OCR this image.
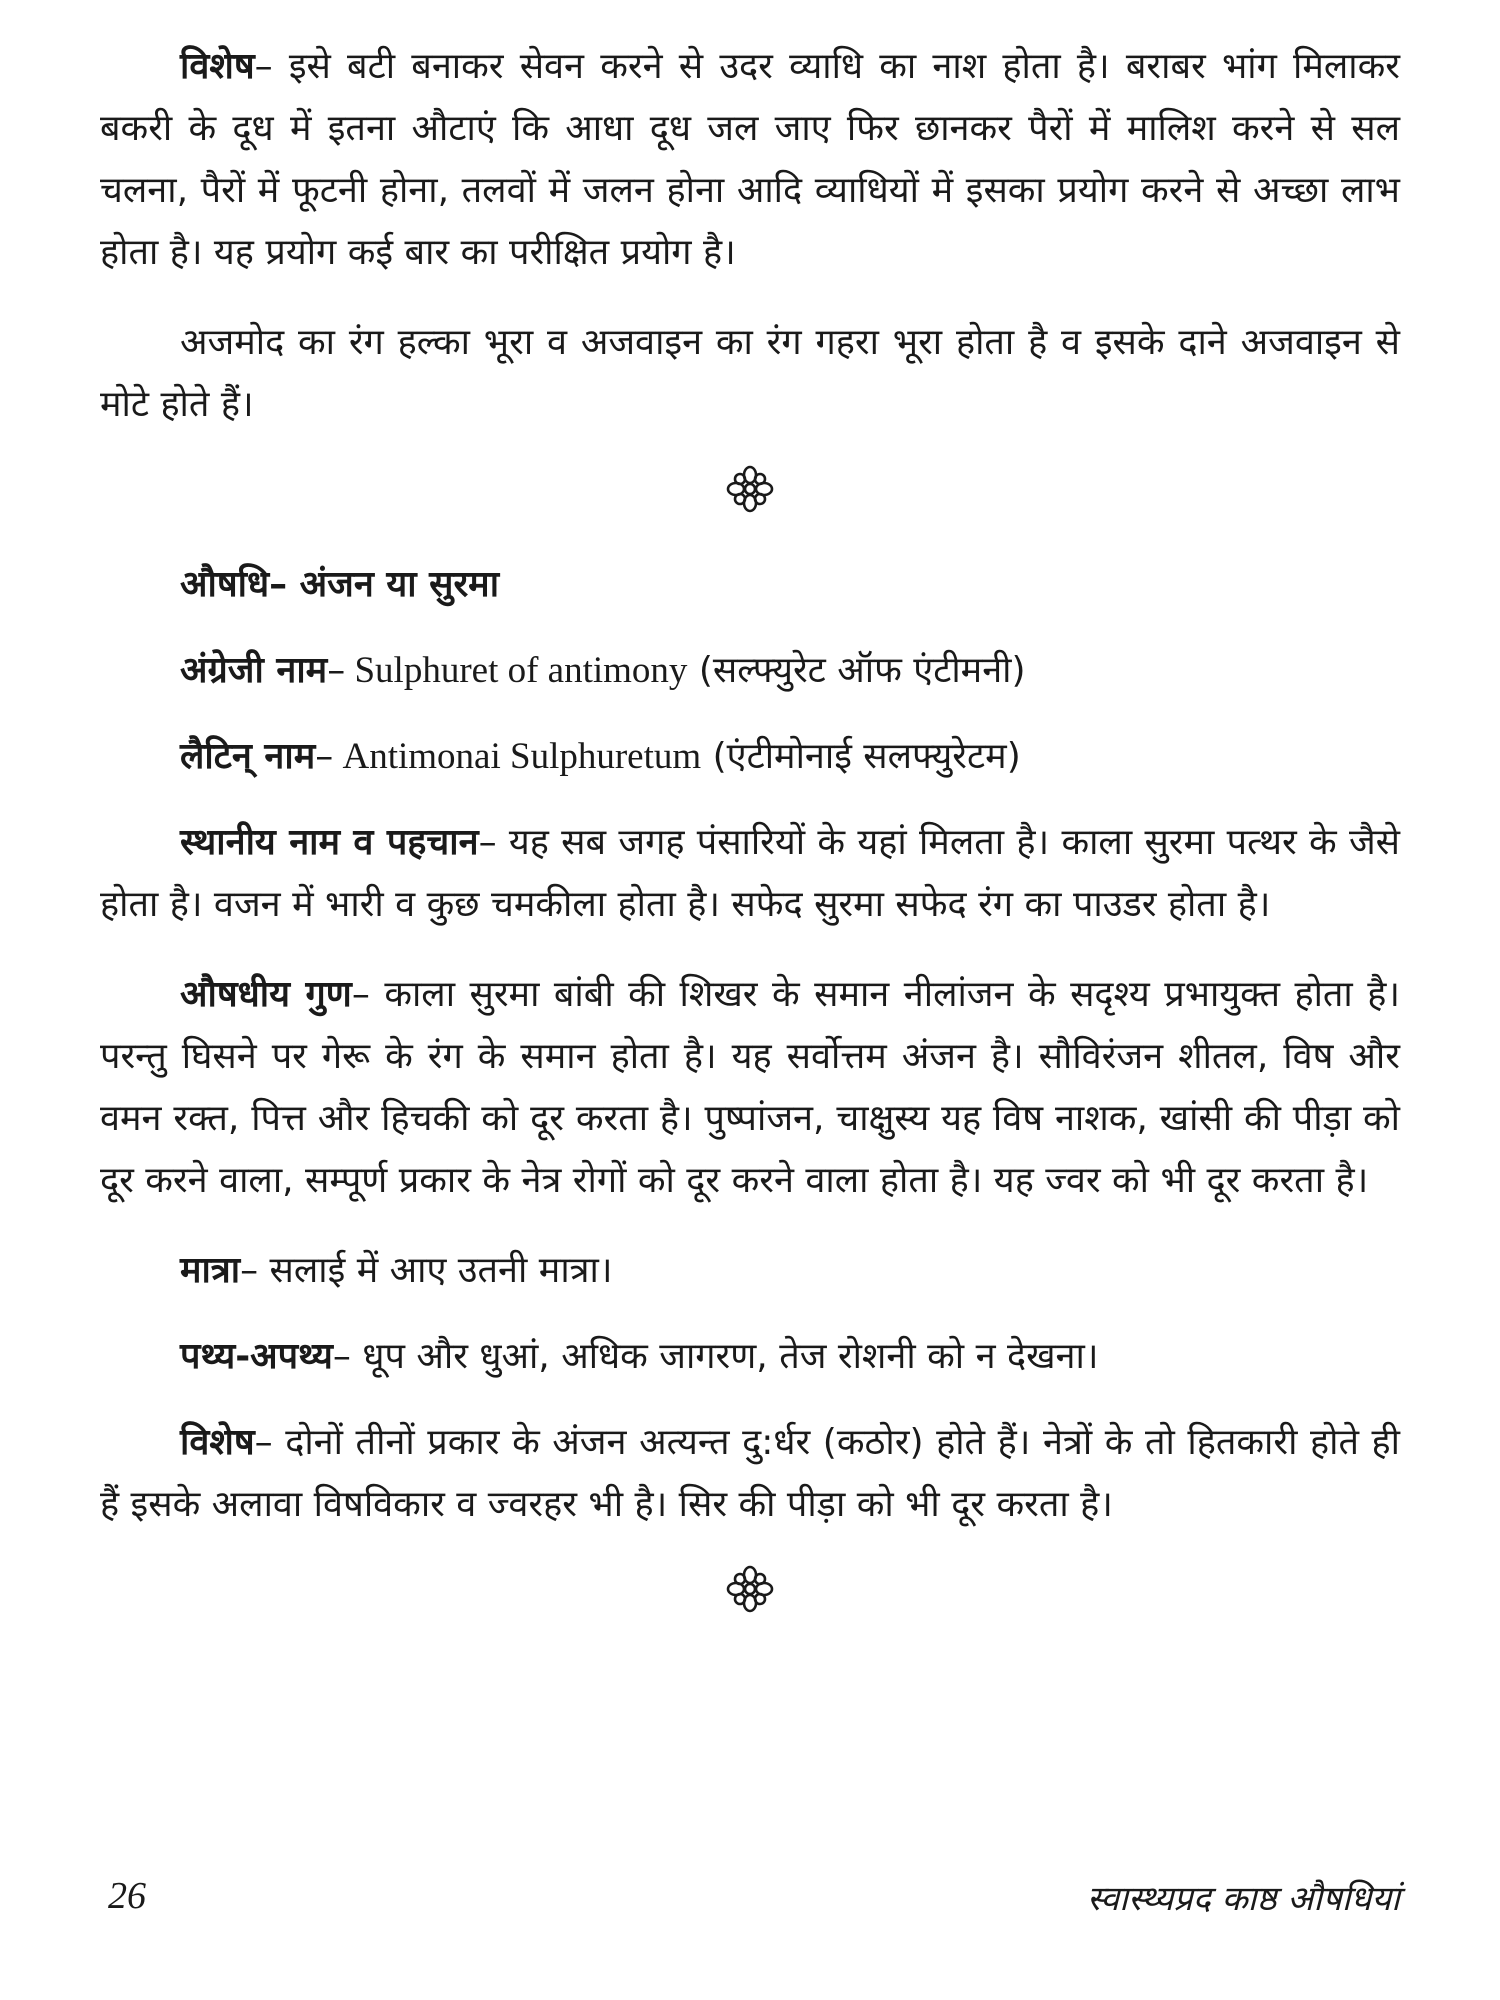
विशेष– इसे बटी बनाकर सेवन करने से उदर व्याधि का नाश होता है। बराबर भांग मिलाकर बकरी के दूध में इतना औटाएं कि आधा दूध जल जाए फिर छानकर पैरों में मालिश करने से सल चलना, पैरों में फूटनी होना, तलवों में जलन होना आदि व्याधियों में इसका प्रयोग करने से अच्छा लाभ होता है। यह प्रयोग कई बार का परीक्षित प्रयोग है।

अजमोद का रंग हल्का भूरा व अजवाइन का रंग गहरा भूरा होता है व इसके दाने अजवाइन से मोटे होते हैं।

औषधि– अंजन या सुरमा

अंग्रेजी नाम– Sulphuret of antimony (सल्फ्युरेट ऑफ एंटीमनी)

लैटिन् नाम– Antimonai Sulphuretum (एंटीमोनाई सलफ्युरेटम)

स्थानीय नाम व पहचान– यह सब जगह पंसारियों के यहां मिलता है। काला सुरमा पत्थर के जैसे होता है। वजन में भारी व कुछ चमकीला होता है। सफेद सुरमा सफेद रंग का पाउडर होता है।

औषधीय गुण– काला सुरमा बांबी की शिखर के समान नीलांजन के सदृश्य प्रभायुक्त होता है। परन्तु घिसने पर गेरू के रंग के समान होता है। यह सर्वोत्तम अंजन है। सौविरंजन शीतल, विष और वमन रक्त, पित्त और हिचकी को दूर करता है। पुष्पांजन, चाक्षुस्य यह विष नाशक, खांसी की पीड़ा को दूर करने वाला, सम्पूर्ण प्रकार के नेत्र रोगों को दूर करने वाला होता है। यह ज्वर को भी दूर करता है।

मात्रा– सलाई में आए उतनी मात्रा।

पथ्य-अपथ्य– धूप और धुआं, अधिक जागरण, तेज रोशनी को न देखना।

विशेष– दोनों तीनों प्रकार के अंजन अत्यन्त दु:र्धर (कठोर) होते हैं। नेत्रों के तो हितकारी होते ही हैं इसके अलावा विषविकार व ज्वरहर भी है। सिर की पीड़ा को भी दूर करता है।

26	स्वास्थ्यप्रद काष्ठ औषधियां
